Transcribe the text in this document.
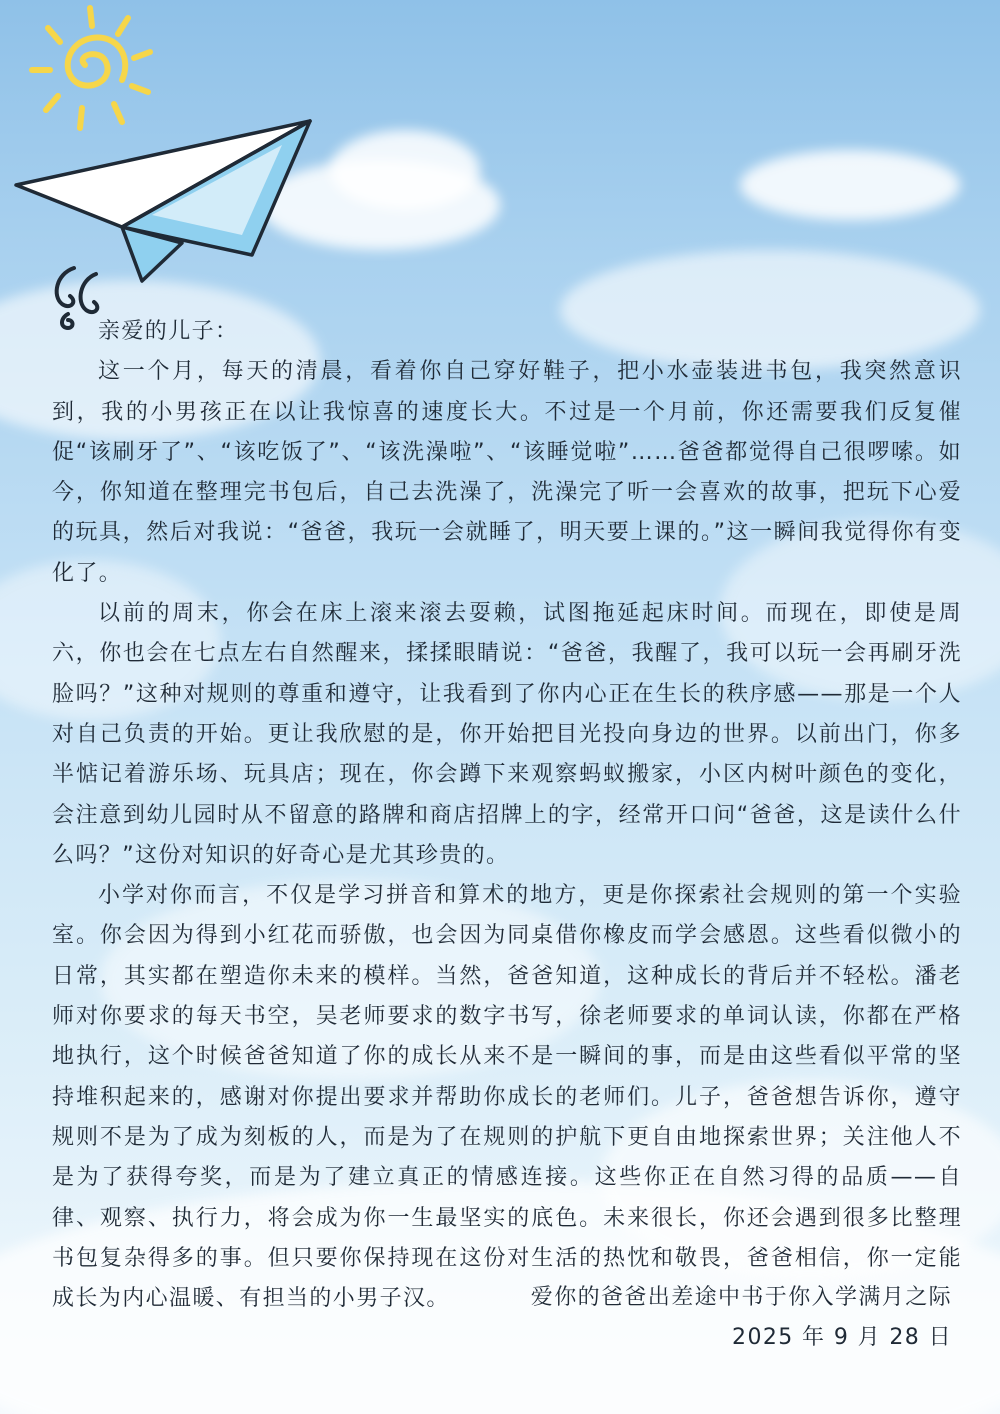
亲爱的儿子：

这一个月，每天的清晨，看着你自己穿好鞋子，把小水壶装进书包，我突然意识到，我的小男孩正在以让我惊喜的速度长大。不过是一个月前，你还需要我们反复催促“该刷牙了”、“该吃饭了”、“该洗澡啦”、“该睡觉啦”……爸爸都觉得自己很啰嗦。如今，你知道在整理完书包后，自己去洗澡了，洗澡完了听一会喜欢的故事，把玩下心爱的玩具，然后对我说：“爸爸，我玩一会就睡了，明天要上课的。”这一瞬间我觉得你有变化了。

以前的周末，你会在床上滚来滚去耍赖，试图拖延起床时间。而现在，即使是周六，你也会在七点左右自然醒来，揉揉眼睛说：“爸爸，我醒了，我可以玩一会再刷牙洗脸吗？”这种对规则的尊重和遵守，让我看到了你内心正在生长的秩序感——那是一个人对自己负责的开始。更让我欣慰的是，你开始把目光投向身边的世界。以前出门，你多半惦记着游乐场、玩具店；现在，你会蹲下来观察蚂蚁搬家，小区内树叶颜色的变化，会注意到幼儿园时从不留意的路牌和商店招牌上的字，经常开口问“爸爸，这是读什么什么吗？”这份对知识的好奇心是尤其珍贵的。

小学对你而言，不仅是学习拼音和算术的地方，更是你探索社会规则的第一个实验室。你会因为得到小红花而骄傲，也会因为同桌借你橡皮而学会感恩。这些看似微小的日常，其实都在塑造你未来的模样。当然，爸爸知道，这种成长的背后并不轻松。潘老师对你要求的每天书空，吴老师要求的数字书写，徐老师要求的单词认读，你都在严格地执行，这个时候爸爸知道了你的成长从来不是一瞬间的事，而是由这些看似平常的坚持堆积起来的，感谢对你提出要求并帮助你成长的老师们。儿子，爸爸想告诉你，遵守规则不是为了成为刻板的人，而是为了在规则的护航下更自由地探索世界；关注他人不是为了获得夸奖，而是为了建立真正的情感连接。这些你正在自然习得的品质——自律、观察、执行力，将会成为你一生最坚实的底色。未来很长，你还会遇到很多比整理书包复杂得多的事。但只要你保持现在这份对生活的热忱和敬畏，爸爸相信，你一定能成长为内心温暖、有担当的小男子汉。	爱你的爸爸出差途中书于你入学满月之际
2025 年 9 月 28 日
